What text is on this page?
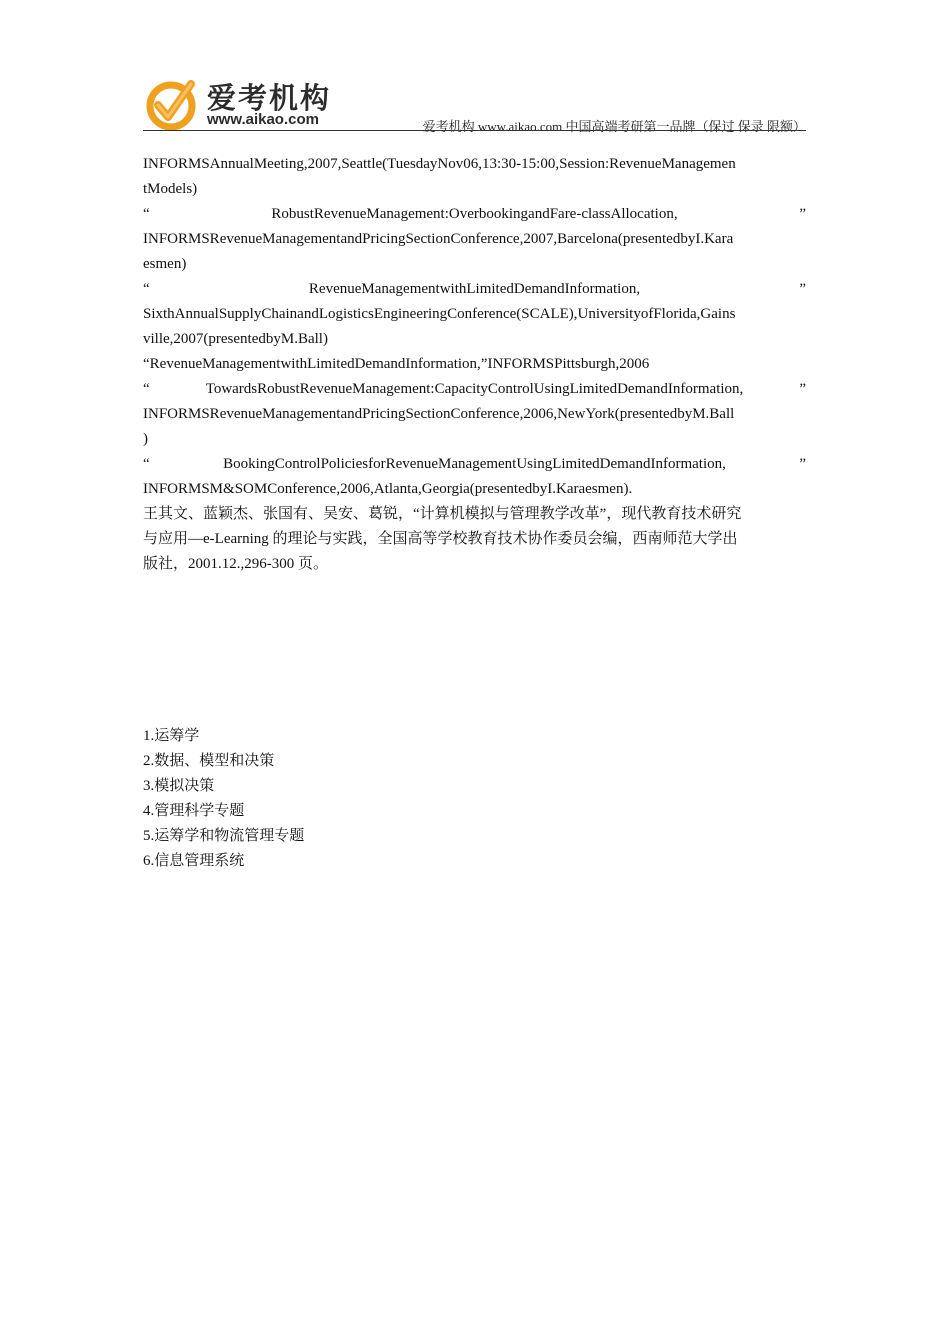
爱考机构
www.aikao.com	爱考机构 www.aikao.com 中国高端考研第一品牌（保过 保录 限额）
INFORMSAnnualMeeting,2007,Seattle(TuesdayNov06,13:30-15:00,Session:RevenueManagemen
tModels)
“	RobustRevenueManagement:OverbookingandFare-classAllocation,	”
INFORMSRevenueManagementandPricingSectionConference,2007,Barcelona(presentedbyI.Kara
esmen)
“	RevenueManagementwithLimitedDemandInformation,	”
SixthAnnualSupplyChainandLogisticsEngineeringConference(SCALE),UniversityofFlorida,Gains
ville,2007(presentedbyM.Ball)
“RevenueManagementwithLimitedDemandInformation,”INFORMSPittsburgh,2006
“	TowardsRobustRevenueManagement:CapacityControlUsingLimitedDemandInformation,	”
INFORMSRevenueManagementandPricingSectionConference,2006,NewYork(presentedbyM.Ball
)
“	BookingControlPoliciesforRevenueManagementUsingLimitedDemandInformation,	”
INFORMSM&SOMConference,2006,Atlanta,Georgia(presentedbyI.Karaesmen).
王其文、蓝颖杰、张国有、吴安、葛锐，“计算机模拟与管理教学改革”，现代教育技术研究
与应用—e-Learning 的理论与实践，全国高等学校教育技术协作委员会编，西南师范大学出
版社，2001.12.,296-300 页。
1.运筹学
2.数据、模型和决策
3.模拟决策
4.管理科学专题
5.运筹学和物流管理专题
6.信息管理系统
